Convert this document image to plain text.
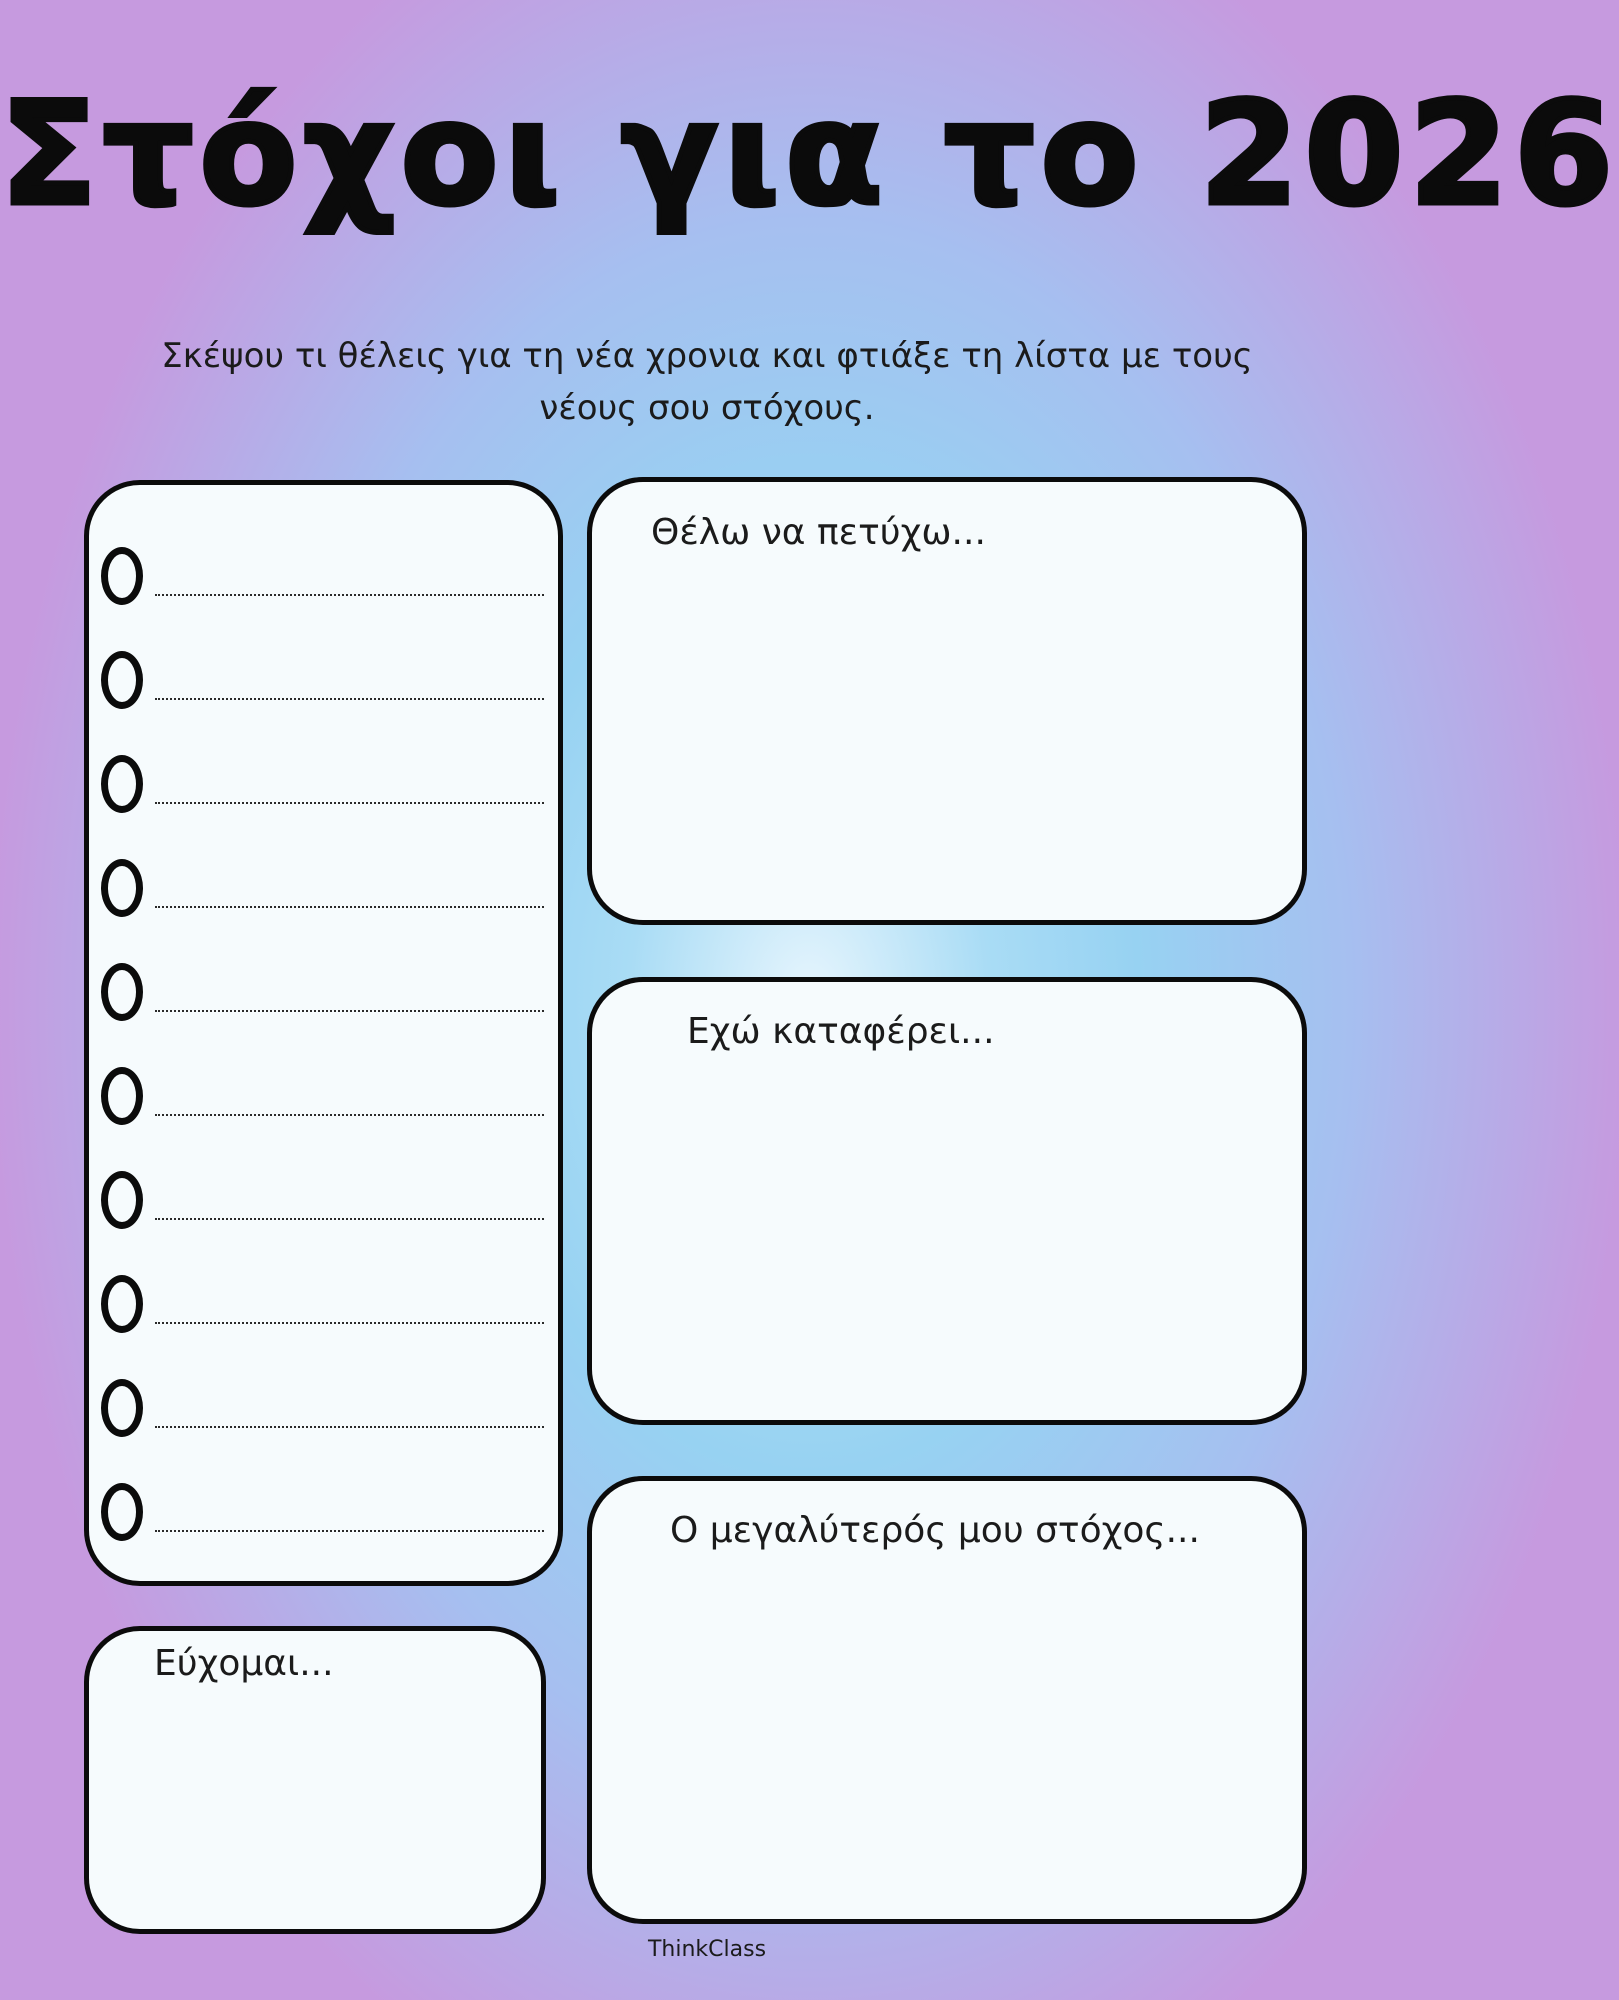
Στόχοι για το 2026
Σκέψου τι θέλεις για τη νέα χρονια και φτιάξε τη λίστα με τους νέους σου στόχους.
Θέλω να πετύχω...
Εχώ καταφέρει...
Ο μεγαλύτερός μου στόχος...
Εύχομαι...
ThinkClass
